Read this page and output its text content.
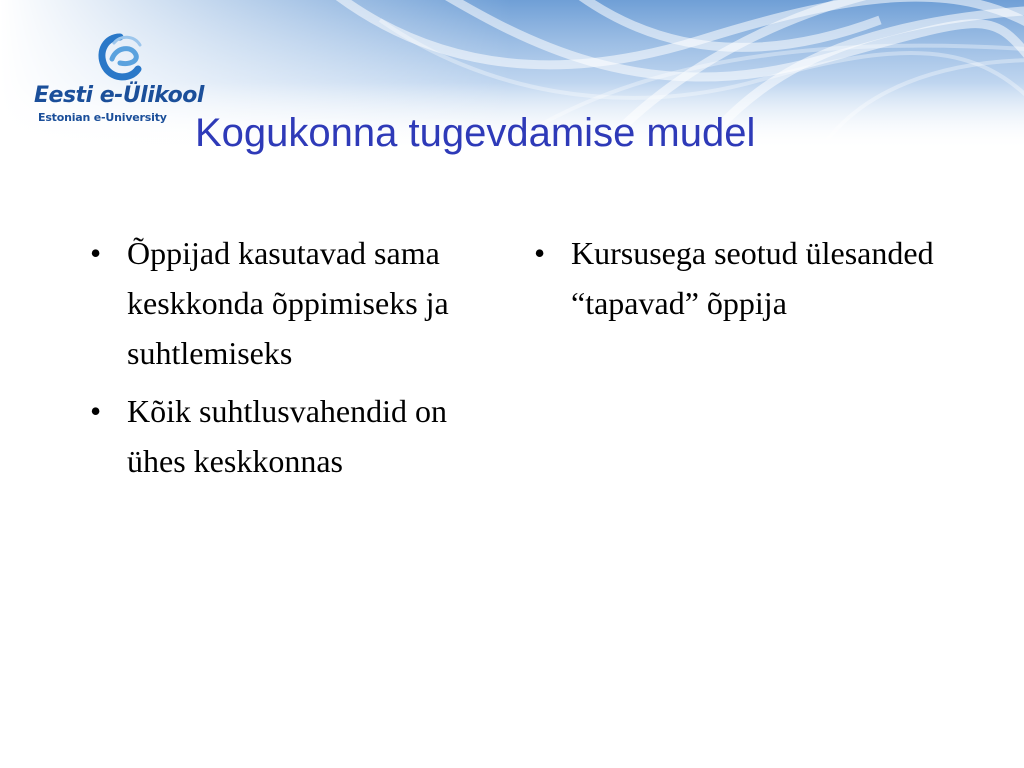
Eesti e-Ülikool
Estonian e-University Kogukonna tugevdamise mudel
• Õppijad kasutavad sama keskkonda õppimiseks ja suhtlemiseks
• Kõik suhtlusvahendid on ühes keskkonnas
• Kursusega seotud ülesanded “tapavad” õppija
